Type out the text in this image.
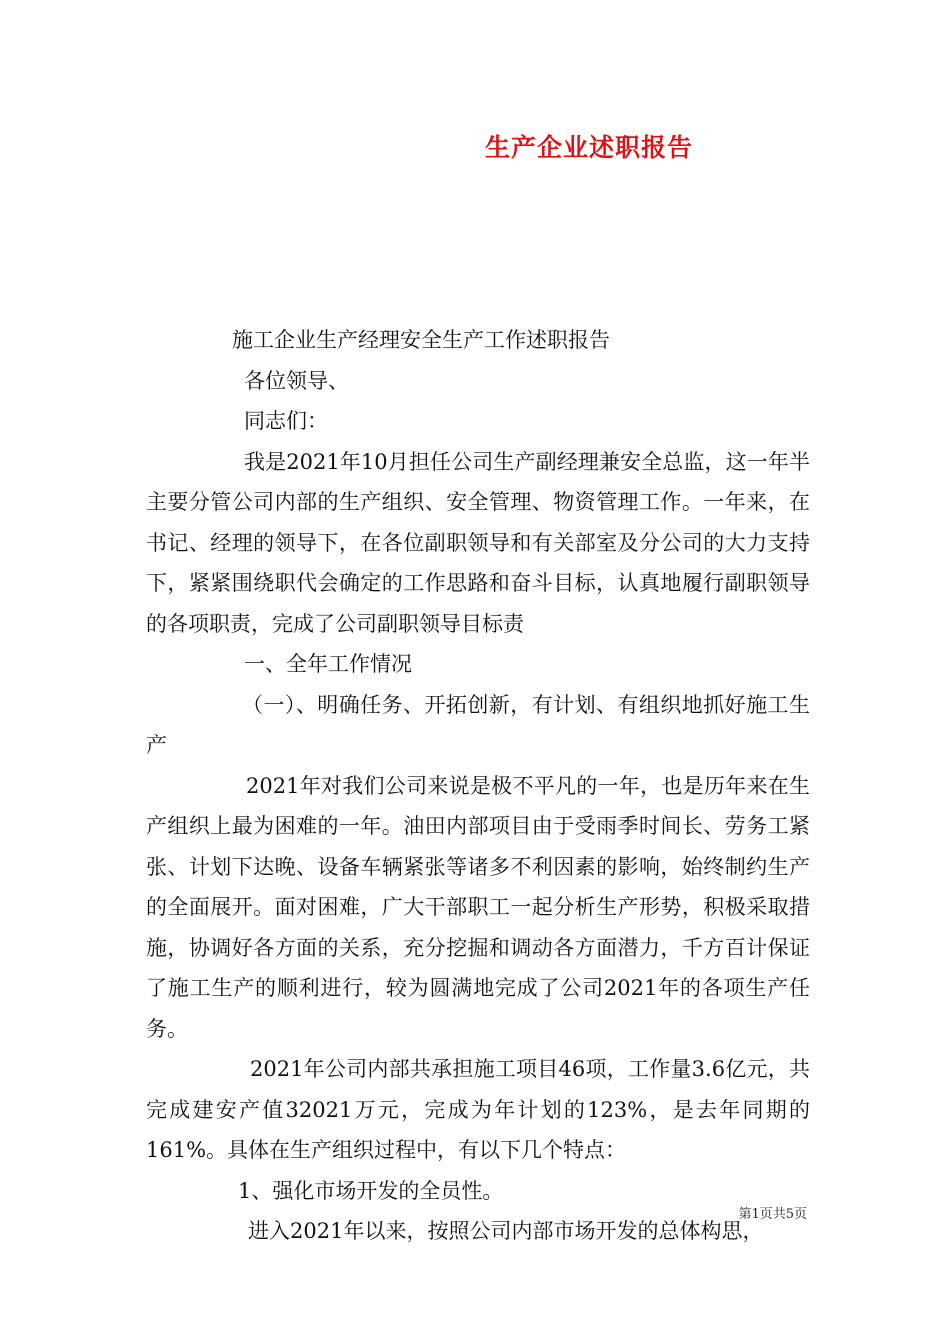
生产企业述职报告

施工企业生产经理安全生产工作述职报告

各位领导、

同志们：

我是2021年10月担任公司生产副经理兼安全总监，这一年半主要分管公司内部的生产组织、安全管理、物资管理工作。一年来，在书记、经理的领导下，在各位副职领导和有关部室及分公司的大力支持下，紧紧围绕职代会确定的工作思路和奋斗目标，认真地履行副职领导的各项职责，完成了公司副职领导目标责

一、全年工作情况

（一）、明确任务、开拓创新，有计划、有组织地抓好施工生产

2021年对我们公司来说是极不平凡的一年，也是历年来在生产组织上最为困难的一年。油田内部项目由于受雨季时间长、劳务工紧张、计划下达晚、设备车辆紧张等诸多不利因素的影响，始终制约生产的全面展开。面对困难，广大干部职工一起分析生产形势，积极采取措施，协调好各方面的关系，充分挖掘和调动各方面潜力，千方百计保证了施工生产的顺利进行，较为圆满地完成了公司2021年的各项生产任务。

2021年公司内部共承担施工项目46项，工作量3.6亿元，共完成建安产值32021万元，完成为年计划的123%，是去年同期的161%。具体在生产组织过程中，有以下几个特点：

1、强化市场开发的全员性。

进入2021年以来，按照公司内部市场开发的总体构思，

第1页共5页
